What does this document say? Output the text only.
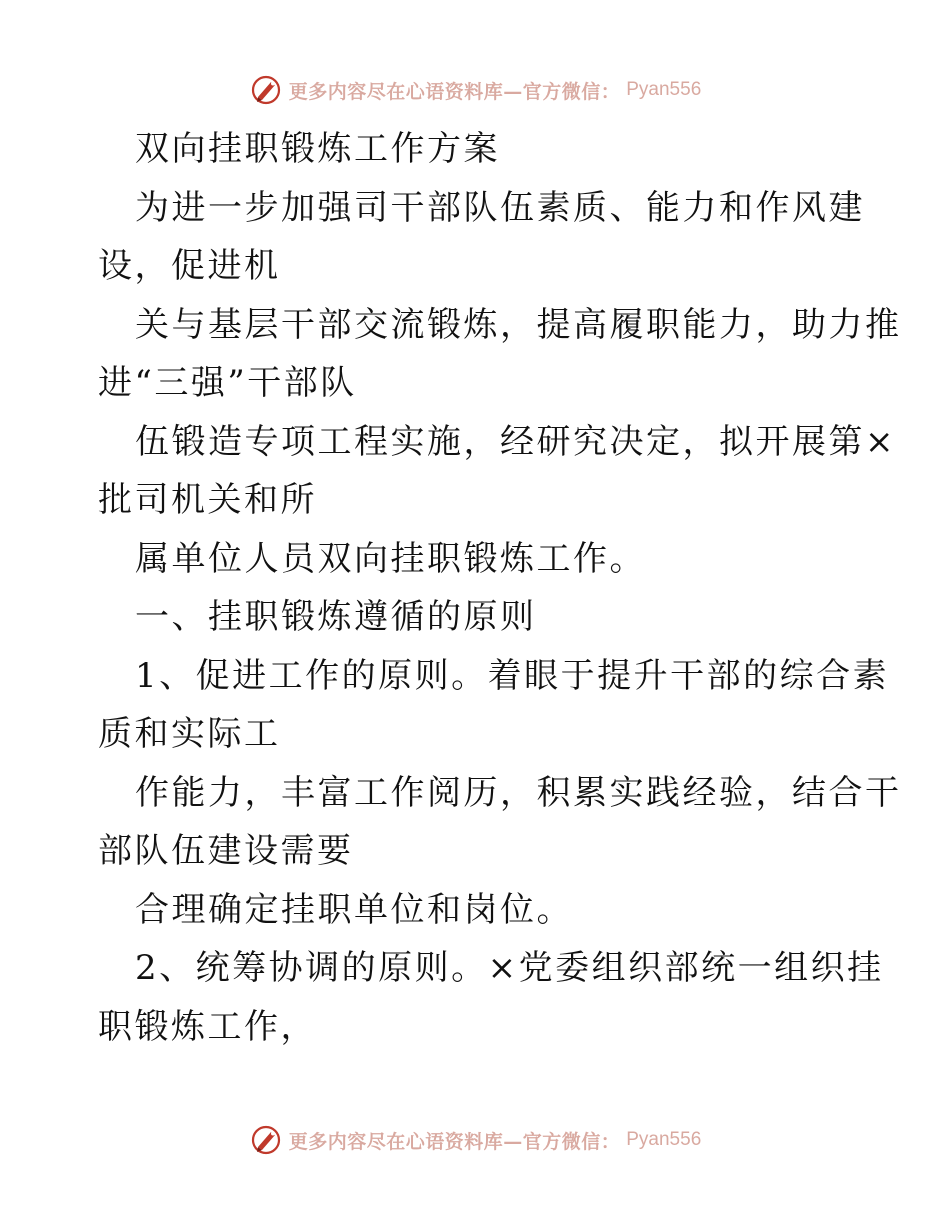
更多内容尽在心语资料库—官方微信： Pyan556
双向挂职锻炼工作方案
为进一步加强司干部队伍素质、能力和作风建
设，促进机
关与基层干部交流锻炼，提高履职能力，助力推
进“三强”干部队
伍锻造专项工程实施，经研究决定，拟开展第×
批司机关和所
属单位人员双向挂职锻炼工作。
一、挂职锻炼遵循的原则
1、促进工作的原则。着眼于提升干部的综合素
质和实际工
作能力，丰富工作阅历，积累实践经验，结合干
部队伍建设需要
合理确定挂职单位和岗位。
2、统筹协调的原则。×党委组织部统一组织挂
职锻炼工作，
更多内容尽在心语资料库—官方微信： Pyan556
